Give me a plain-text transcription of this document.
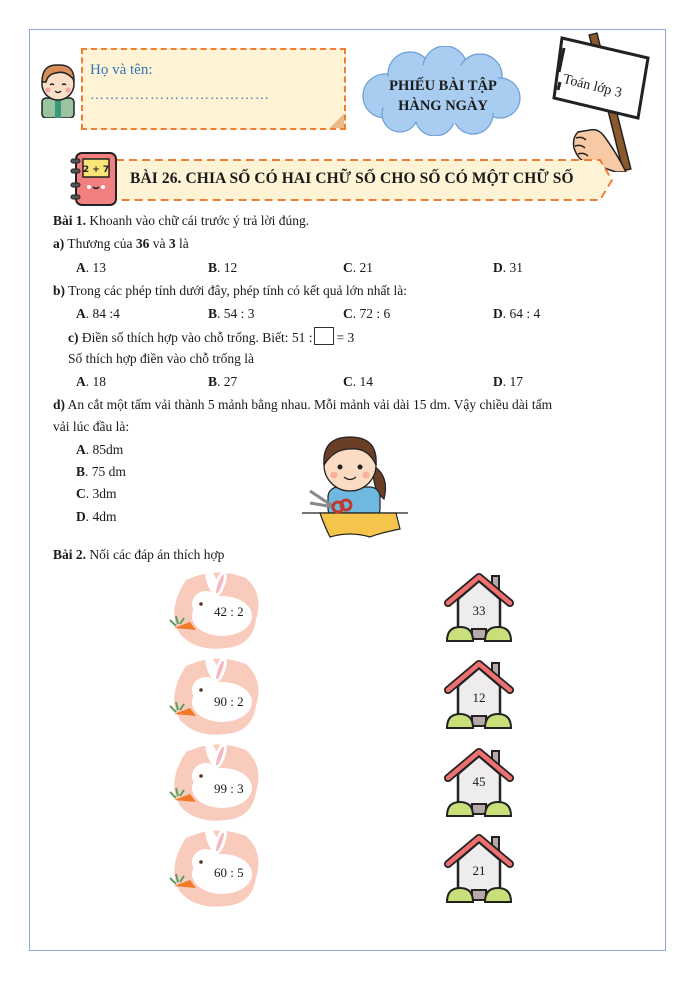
Họ và tên:
………………………………
PHIẾU BÀI TẬP
HÀNG NGÀY
Toán lớp 3
2 + 7 BÀI 26. CHIA SỐ CÓ HAI CHỮ SỐ CHO SỐ CÓ MỘT CHỮ SỐ
Bài 1. Khoanh vào chữ cái trước ý trả lời đúng.
a) Thương của 36 và 3 là
A. 13	B. 12	C. 21	D. 31
b) Trong các phép tính dưới đây, phép tính có kết quả lớn nhất là:
A. 84 :4	B. 54 : 3	C. 72 : 6	D. 64 : 4
c) Điền số thích hợp vào chỗ trống. Biết: 51 : = 3
Số thích hợp điền vào chỗ trống là
A. 18	B. 27	C. 14	D. 17
d) An cắt một tấm vải thành 5 mảnh bằng nhau. Mỗi mảnh vải dài 15 dm. Vậy chiều dài tấm
vải lúc đầu là:
A. 85dm
B. 75 dm
C. 3dm
D. 4dm
Bài 2. Nối các đáp án thích hợp
42 : 2
90 : 2
99 : 3
60 : 5
33
12
45
21
